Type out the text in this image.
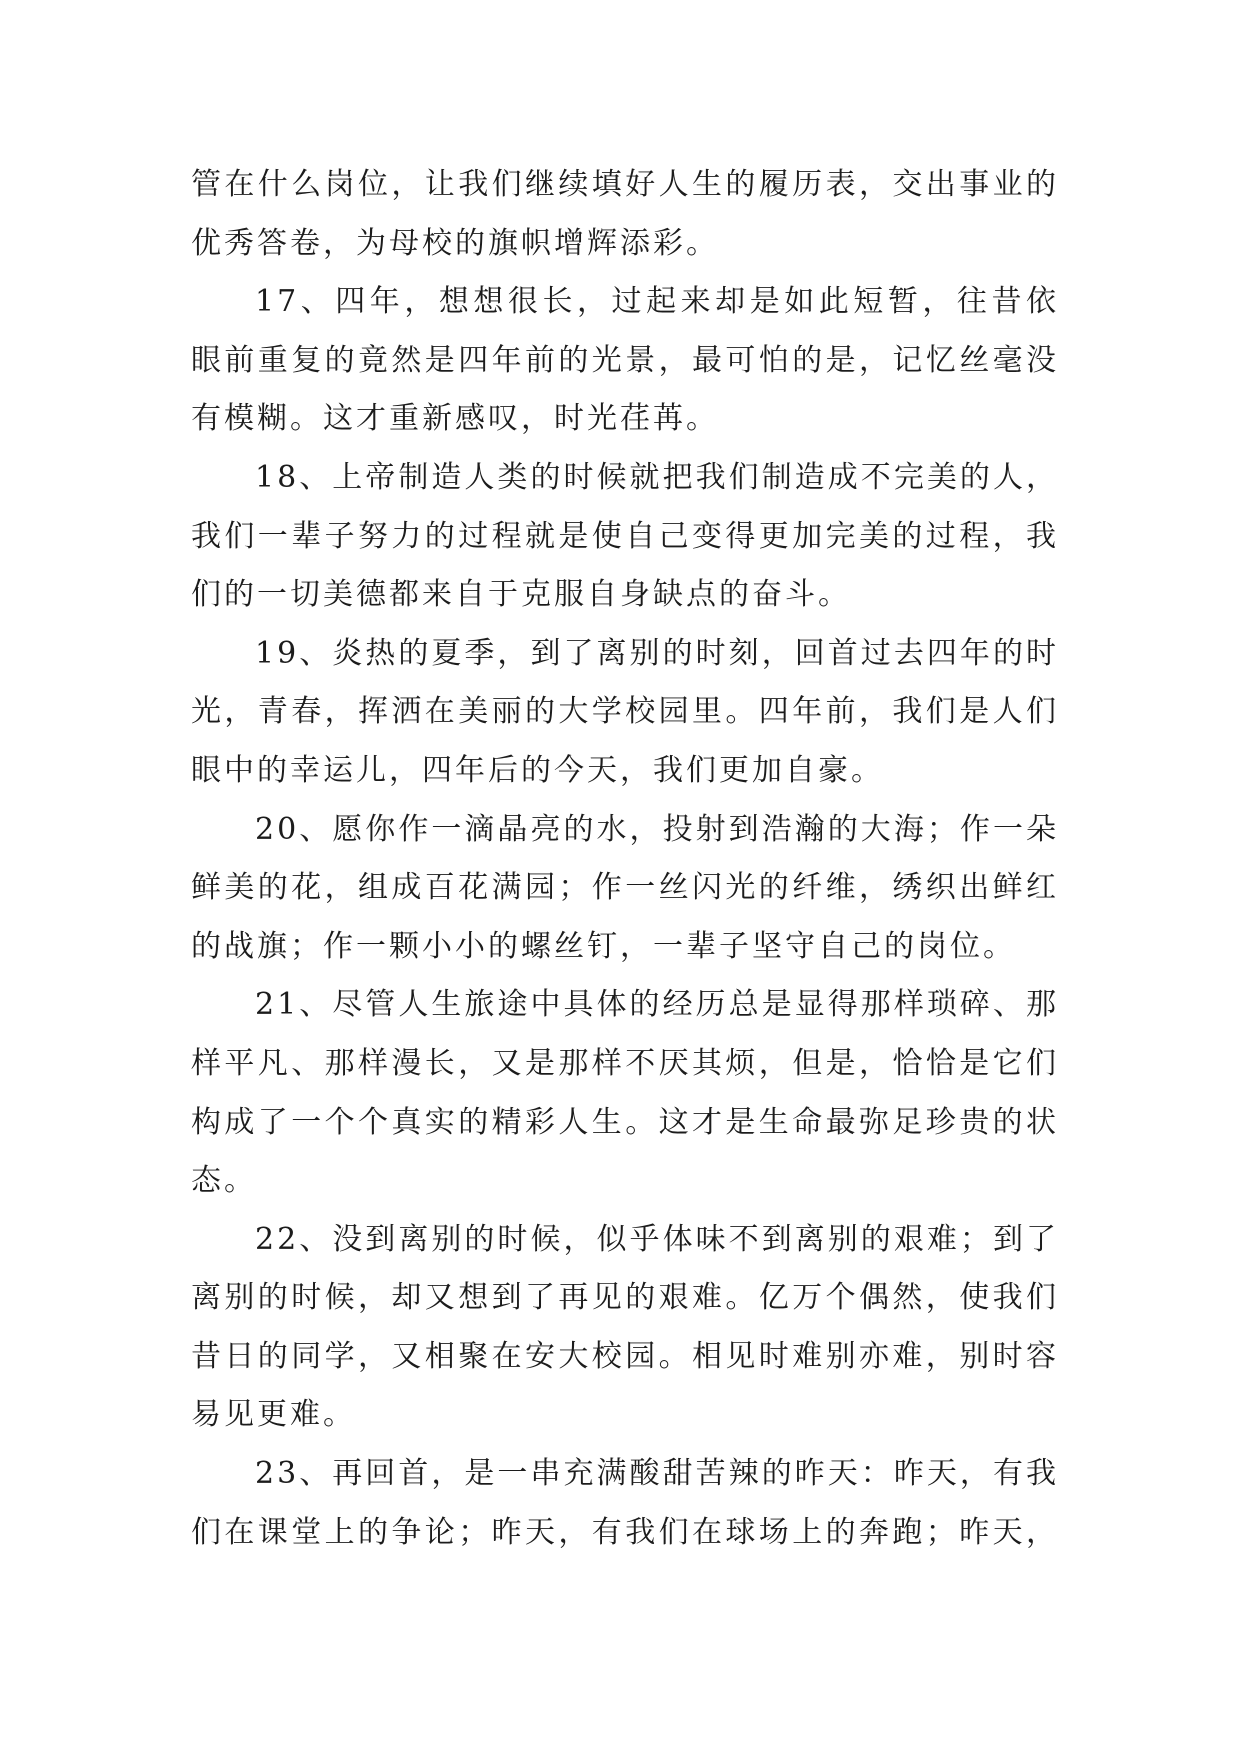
管在什么岗位，让我们继续填好人生的履历表，交出事业的
优秀答卷，为母校的旗帜增辉添彩。
17、四年，想想很长，过起来却是如此短暂，往昔依
眼前重复的竟然是四年前的光景，最可怕的是，记忆丝毫没
有模糊。这才重新感叹，时光荏苒。
18、上帝制造人类的时候就把我们制造成不完美的人，
我们一辈子努力的过程就是使自己变得更加完美的过程，我
们的一切美德都来自于克服自身缺点的奋斗。
19、炎热的夏季，到了离别的时刻，回首过去四年的时
光，青春，挥洒在美丽的大学校园里。四年前，我们是人们
眼中的幸运儿，四年后的今天，我们更加自豪。
20、愿你作一滴晶亮的水，投射到浩瀚的大海；作一朵
鲜美的花，组成百花满园；作一丝闪光的纤维，绣织出鲜红
的战旗；作一颗小小的螺丝钉，一辈子坚守自己的岗位。
21、尽管人生旅途中具体的经历总是显得那样琐碎、那
样平凡、那样漫长，又是那样不厌其烦，但是，恰恰是它们
构成了一个个真实的精彩人生。这才是生命最弥足珍贵的状
态。
22、没到离别的时候，似乎体味不到离别的艰难；到了
离别的时候，却又想到了再见的艰难。亿万个偶然，使我们
昔日的同学，又相聚在安大校园。相见时难别亦难，别时容
易见更难。
23、再回首，是一串充满酸甜苦辣的昨天：昨天，有我
们在课堂上的争论；昨天，有我们在球场上的奔跑；昨天，
